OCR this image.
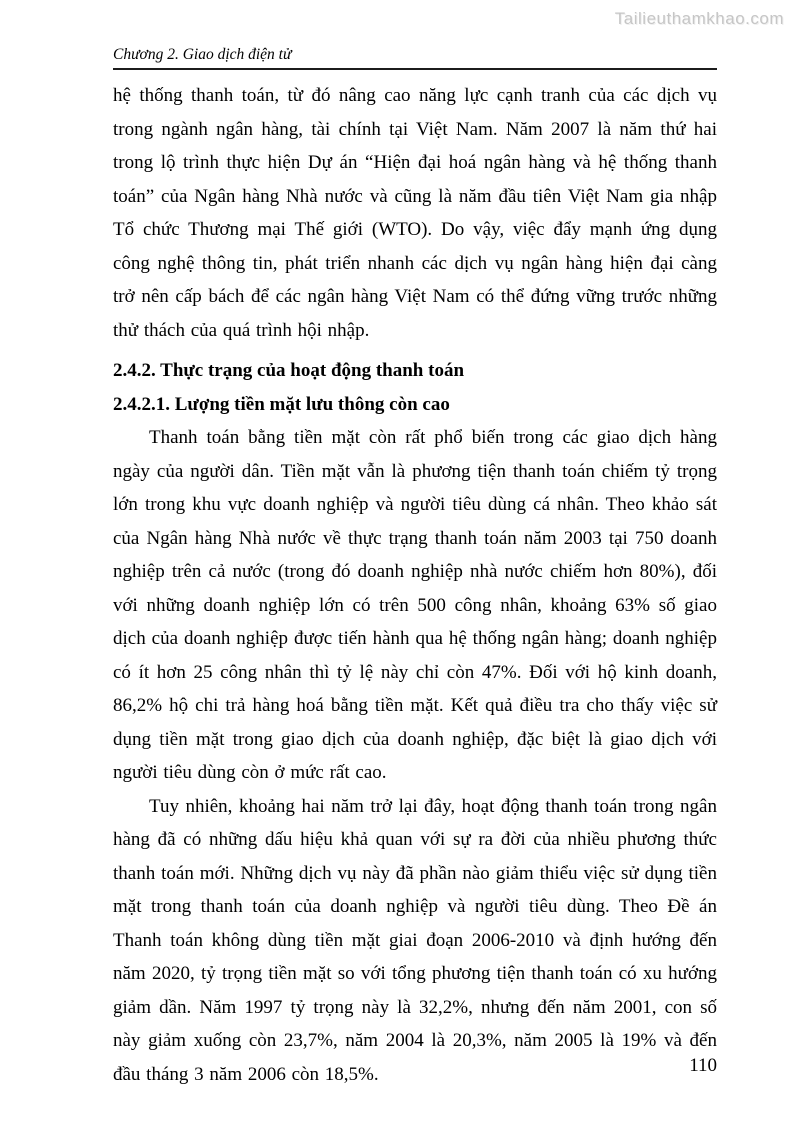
Tailieuthamkhao.com
Chương 2. Giao dịch điện tử

hệ thống thanh toán, từ đó nâng cao năng lực cạnh tranh của các dịch vụ trong ngành ngân hàng, tài chính tại Việt Nam. Năm 2007 là năm thứ hai trong lộ trình thực hiện Dự án “Hiện đại hoá ngân hàng và hệ thống thanh toán” của Ngân hàng Nhà nước và cũng là năm đầu tiên Việt Nam gia nhập Tổ chức Thương mại Thế giới (WTO). Do vậy, việc đẩy mạnh ứng dụng công nghệ thông tin, phát triển nhanh các dịch vụ ngân hàng hiện đại càng trở nên cấp bách để các ngân hàng Việt Nam có thể đứng vững trước những thử thách của quá trình hội nhập.

2.4.2. Thực trạng của hoạt động thanh toán

2.4.2.1. Lượng tiền mặt lưu thông còn cao

Thanh toán bằng tiền mặt còn rất phổ biến trong các giao dịch hàng ngày của người dân. Tiền mặt vẫn là phương tiện thanh toán chiếm tỷ trọng lớn trong khu vực doanh nghiệp và người tiêu dùng cá nhân. Theo khảo sát của Ngân hàng Nhà nước về thực trạng thanh toán năm 2003 tại 750 doanh nghiệp trên cả nước (trong đó doanh nghiệp nhà nước chiếm hơn 80%), đối với những doanh nghiệp lớn có trên 500 công nhân, khoảng 63% số giao dịch của doanh nghiệp được tiến hành qua hệ thống ngân hàng; doanh nghiệp có ít hơn 25 công nhân thì tỷ lệ này chỉ còn 47%. Đối với hộ kinh doanh, 86,2% hộ chi trả hàng hoá bằng tiền mặt. Kết quả điều tra cho thấy việc sử dụng tiền mặt trong giao dịch của doanh nghiệp, đặc biệt là giao dịch với người tiêu dùng còn ở mức rất cao.

Tuy nhiên, khoảng hai năm trở lại đây, hoạt động thanh toán trong ngân hàng đã có những dấu hiệu khả quan với sự ra đời của nhiều phương thức thanh toán mới. Những dịch vụ này đã phần nào giảm thiểu việc sử dụng tiền mặt trong thanh toán của doanh nghiệp và người tiêu dùng. Theo Đề án Thanh toán không dùng tiền mặt giai đoạn 2006-2010 và định hướng đến năm 2020, tỷ trọng tiền mặt so với tổng phương tiện thanh toán có xu hướng giảm dần. Năm 1997 tỷ trọng này là 32,2%, nhưng đến năm 2001, con số này giảm xuống còn 23,7%, năm 2004 là 20,3%, năm 2005 là 19% và đến đầu tháng 3 năm 2006 còn 18,5%.	110
